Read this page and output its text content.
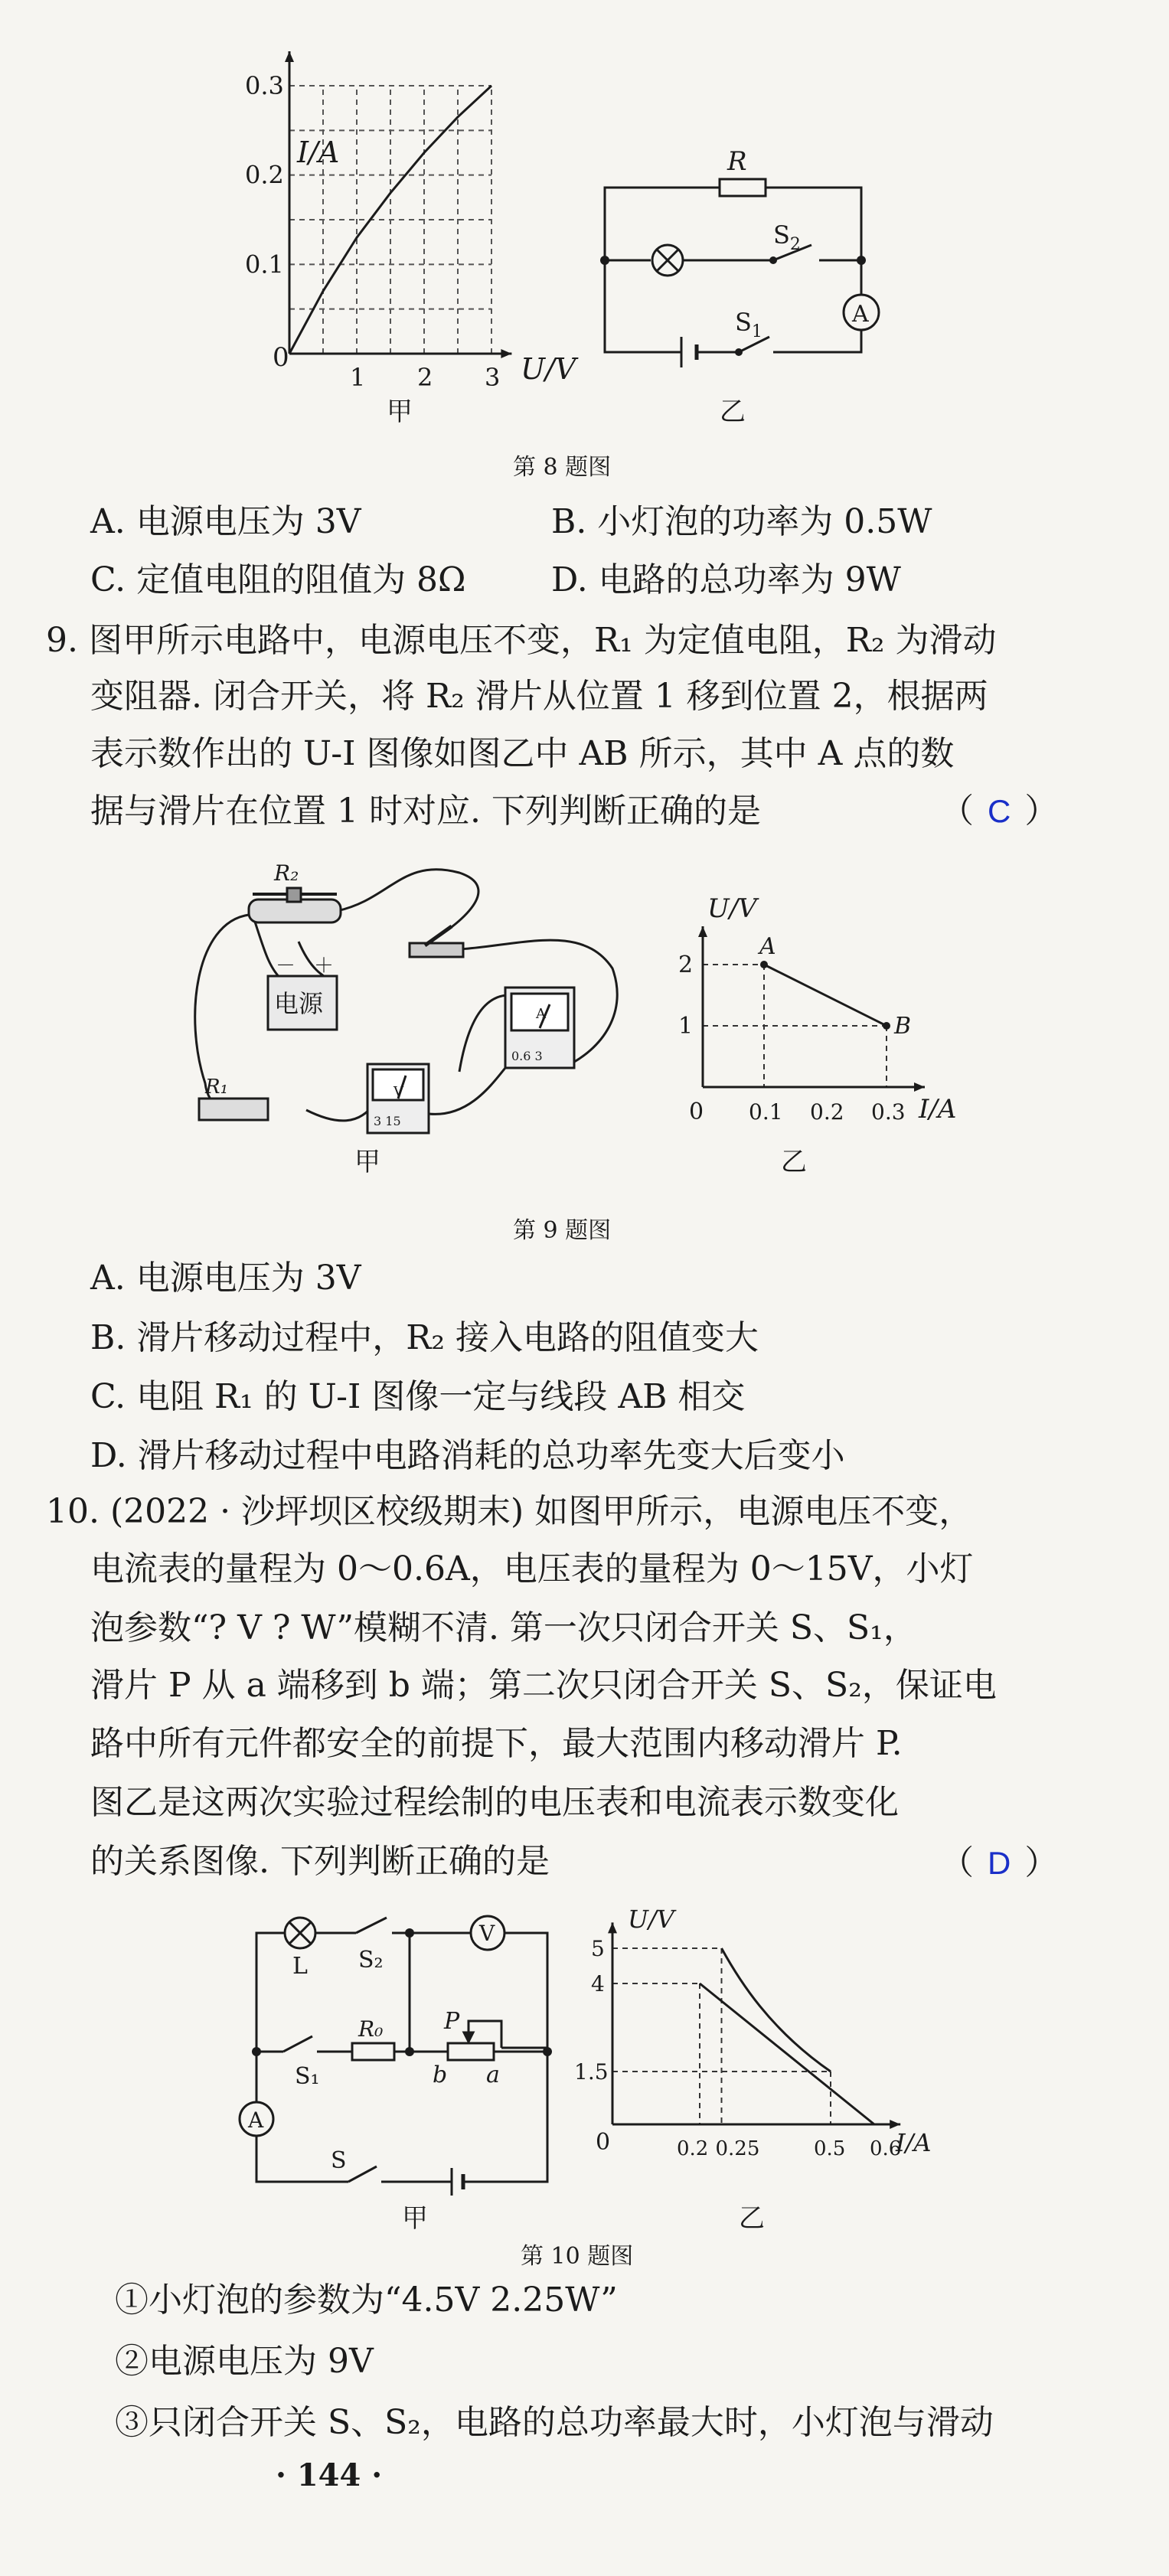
0.3
0.2
0.1
1 2 3
I/A
U/V
0
甲
R
$S_2$
A
$S_1$
乙
第 8 题图
A. 电源电压为 3V	B. 小灯泡的功率为 0.5W
C. 定值电阻的阻值为 8Ω	D. 电路的总功率为 9W
9. 图甲所示电路中，电源电压不变，R₁ 为定值电阻，R₂ 为滑动
变阻器. 闭合开关，将 R₂ 滑片从位置 1 移到位置 2，根据两
表示数作出的 U-I 图像如图乙中 AB 所示，其中 A 点的数
据与滑片在位置 1 时对应. 下列判断正确的是	（ C ）
R₂
－ ＋
电源
R₁	V
3 15
A
0.6 3
甲
2
1
0.1 0.2 0.3
A
B
U/V
I/A
0
乙
第 9 题图
A. 电源电压为 3V
B. 滑片移动过程中，R₂ 接入电路的阻值变大
C. 电阻 R₁ 的 U-I 图像一定与线段 AB 相交
D. 滑片移动过程中电路消耗的总功率先变大后变小
10. (2022 · 沙坪坝区校级期末) 如图甲所示，电源电压不变，
电流表的量程为 0～0.6A，电压表的量程为 0～15V，小灯
泡参数“? V ? W”模糊不清. 第一次只闭合开关 S、S₁，
滑片 P 从 a 端移到 b 端；第二次只闭合开关 S、S₂，保证电
路中所有元件都安全的前提下，最大范围内移动滑片 P.
图乙是这两次实验过程绘制的电压表和电流表示数变化
的关系图像. 下列判断正确的是	（ D ）
L S₂
V
R₀	P
S₁	b a
A
S
甲
5
4
1.5
0.2 0.25	0.5 0.6
U/V
I/A
0
乙
第 10 题图
①小灯泡的参数为“4.5V 2.25W”
②电源电压为 9V
③只闭合开关 S、S₂，电路的总功率最大时，小灯泡与滑动
· 144 ·
